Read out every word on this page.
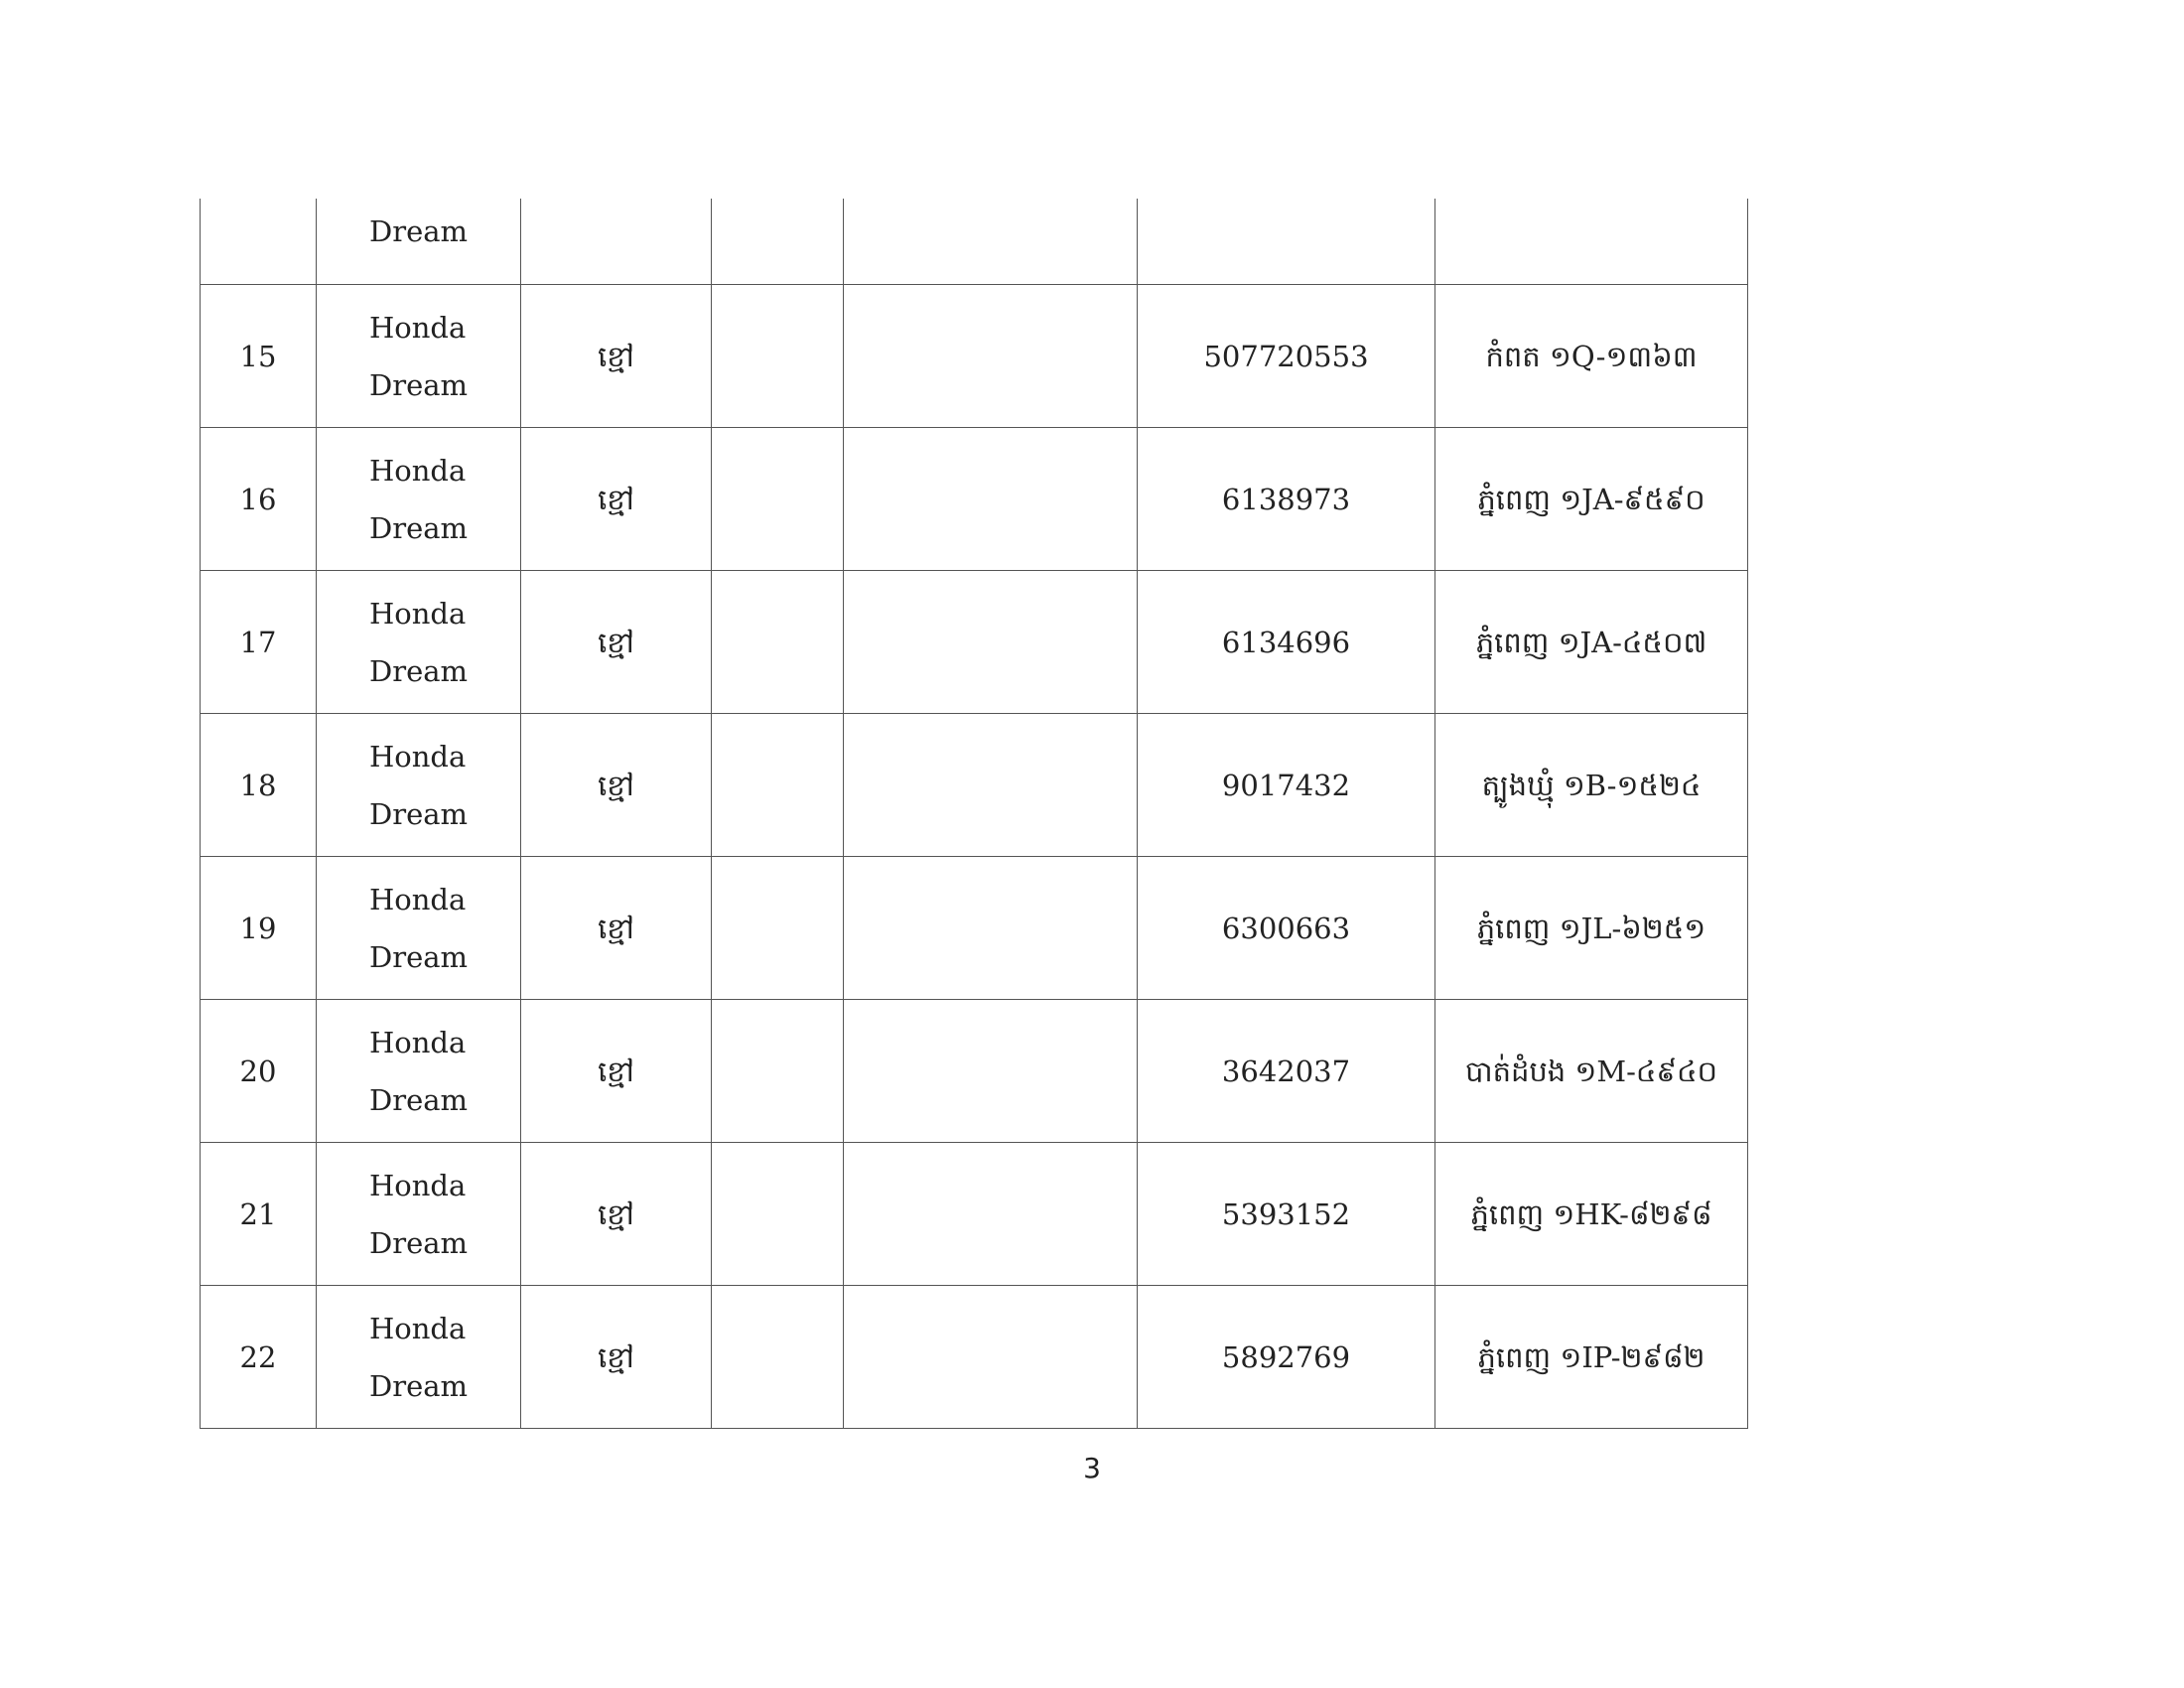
	Dream					

15	Honda
Dream	ខ្មៅ			507720553	កំពត ១Q-១៣៦៣
16	Honda
Dream	ខ្មៅ			6138973	ភ្នំពេញ ១JA-៩៥៩០
17	Honda
Dream	ខ្មៅ			6134696	ភ្នំពេញ ១JA-៤៥០៧
18	Honda
Dream	ខ្មៅ			9017432	ត្បូងឃ្មុំ ១B-១៥២៤
19	Honda
Dream	ខ្មៅ			6300663	ភ្នំពេញ ១JL-៦២៥១
20	Honda
Dream	ខ្មៅ			3642037	បាត់ដំបង ១M-៤៩៤០
21	Honda
Dream	ខ្មៅ			5393152	ភ្នំពេញ ១HK-៨២៩៨
22	Honda
Dream	ខ្មៅ			5892769	ភ្នំពេញ ១IP-២៩៨២
3
